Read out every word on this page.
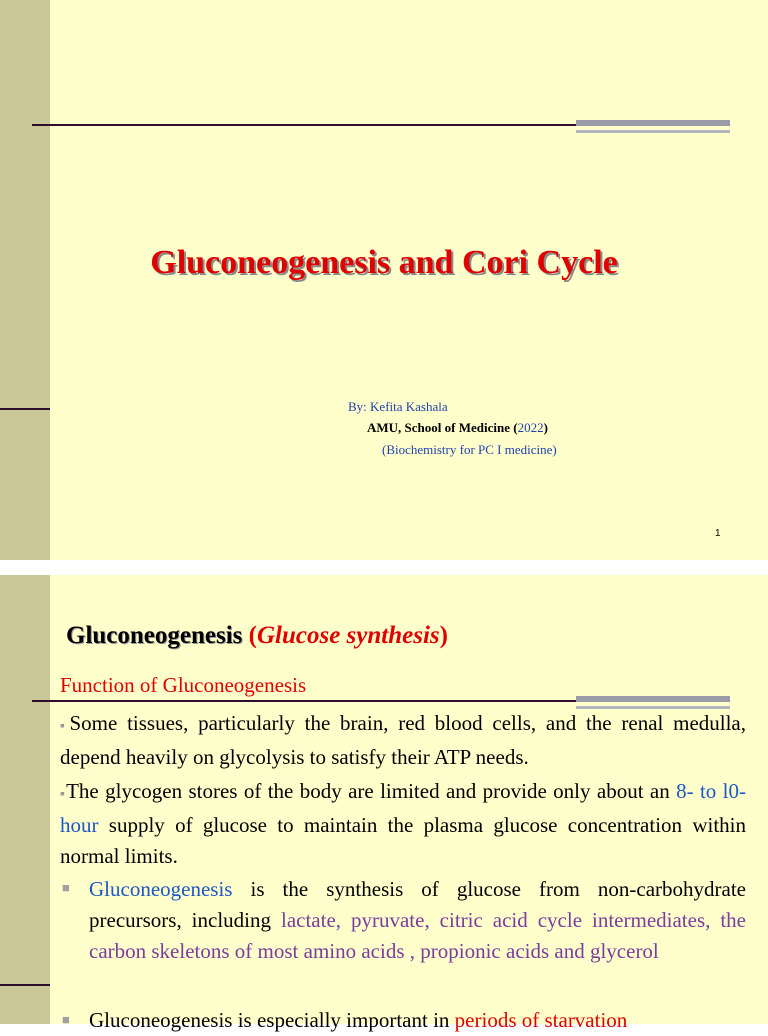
Gluconeogenesis and Cori Cycle
By: Kefita Kashala
AMU, School of Medicine (2022)
(Biochemistry for PC I medicine)
1
Gluconeogenesis (Glucose synthesis)
Function of Gluconeogenesis
▪Some tissues, particularly the brain, red blood cells, and the renal medulla, depend heavily on glycolysis to satisfy their ATP needs.
▪The glycogen stores of the body are limited and provide only about an 8- to l0-hour supply of glucose to maintain the plasma glucose concentration within normal limits.
■ Gluconeogenesis is the synthesis of glucose from non-carbohydrate precursors, including lactate, pyruvate, citric acid cycle intermediates, the carbon skeletons of most amino acids , propionic acids and glycerol
■ Gluconeogenesis is especially important in periods of starvation
